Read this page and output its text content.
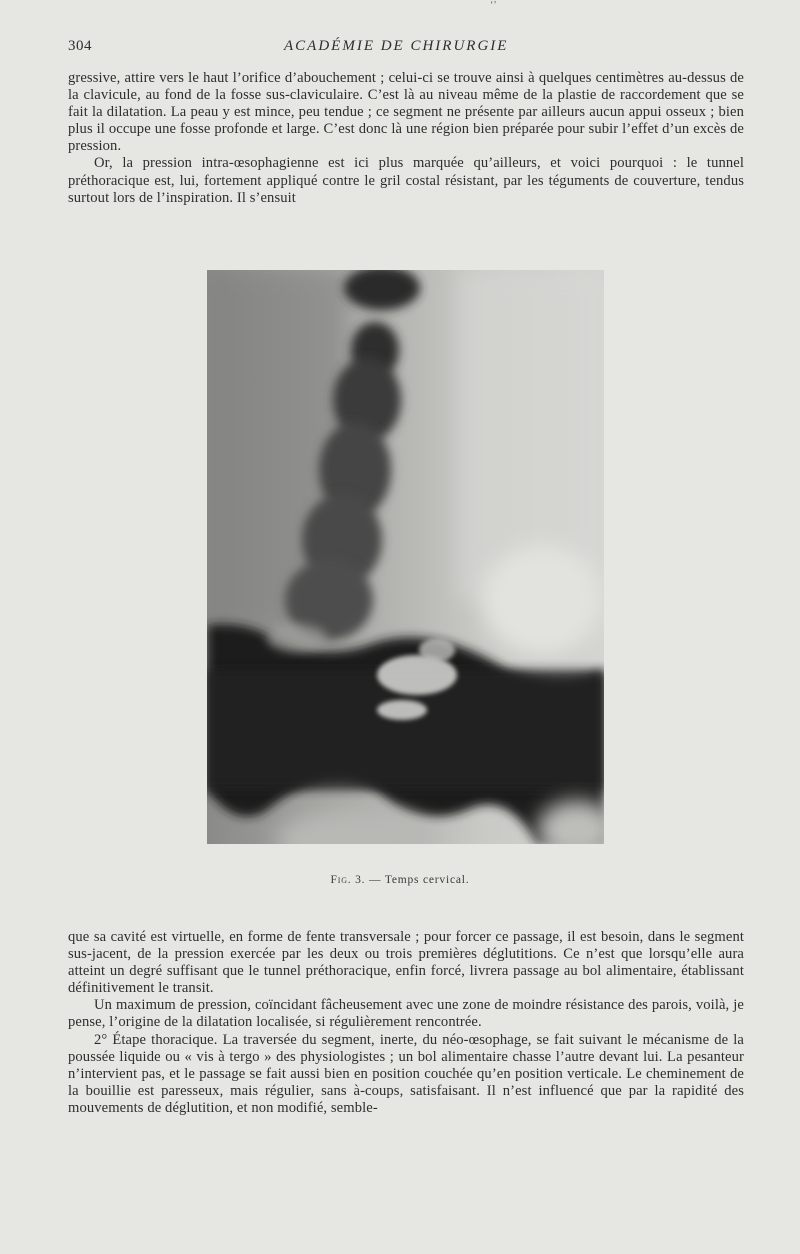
‘’
304	ACADÉMIE DE CHIRURGIE

gressive, attire vers le haut l’orifice d’abouchement ; celui-ci se trouve ainsi à quelques centimètres au-dessus de la clavicule, au fond de la fosse sus-claviculaire. C’est là au niveau même de la plastie de raccordement que se fait la dilatation. La peau y est mince, peu tendue ; ce segment ne présente par ailleurs aucun appui osseux ; bien plus il occupe une fosse profonde et large. C’est donc là une région bien préparée pour subir l’effet d’un excès de pression.

Or, la pression intra-œsophagienne est ici plus marquée qu’ailleurs, et voici pourquoi : le tunnel préthoracique est, lui, fortement appliqué contre le gril costal résistant, par les téguments de couverture, tendus surtout lors de l’inspiration. Il s’ensuit

Fig. 3. — Temps cervical.

que sa cavité est virtuelle, en forme de fente transversale ; pour forcer ce passage, il est besoin, dans le segment sus-jacent, de la pression exercée par les deux ou trois premières déglutitions. Ce n’est que lorsqu’elle aura atteint un degré suffisant que le tunnel préthoracique, enfin forcé, livrera passage au bol alimentaire, établissant définitivement le transit.

Un maximum de pression, coïncidant fâcheusement avec une zone de moindre résistance des parois, voilà, je pense, l’origine de la dilatation localisée, si régulièrement rencontrée.

2° Étape thoracique. La traversée du segment, inerte, du néo-œsophage, se fait suivant le mécanisme de la poussée liquide ou « vis à tergo » des physiologistes ; un bol alimentaire chasse l’autre devant lui. La pesanteur n’intervient pas, et le passage se fait aussi bien en position couchée qu’en position verticale. Le cheminement de la bouillie est paresseux, mais régulier, sans à-coups, satisfaisant. Il n’est influencé que par la rapidité des mouvements de déglutition, et non modifié, semble-
